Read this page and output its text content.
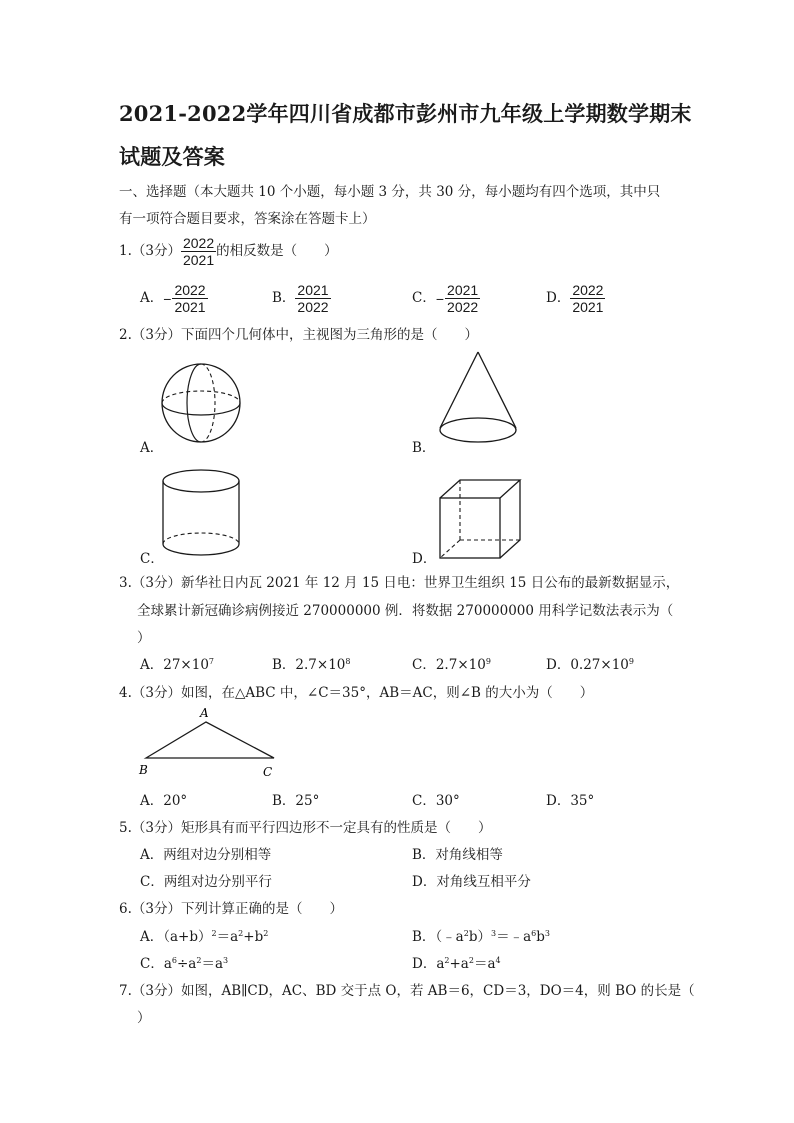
2021-2022学年四川省成都市彭州市九年级上学期数学期末
试题及答案
一、选择题（本大题共 10 个小题，每小题 3 分，共 30 分，每小题均有四个选项，其中只
有一项符合题目要求，答案涂在答题卡上）
1.（3分） $\frac{2022}{2021}$ 的相反数是（　　）
A．− $\frac{2022}{2021}$	B． $\frac{2021}{2022}$	C．− $\frac{2021}{2022}$	D． $\frac{2022}{2021}$
2.（3分）下面四个几何体中，主视图为三角形的是（　　）
A．	B．
C．	D．
3.（3分）新华社日内瓦 2021 年 12 月 15 日电：世界卫生组织 15 日公布的最新数据显示，
全球累计新冠确诊病例接近 270000000 例．将数据 270000000 用科学记数法表示为（
）
A．$27\times 10^7$	B．$2.7\times 10^8$	C．$2.7\times 10^9$	D．$0.27\times 10^9$
4.（3分）如图，在△ABC 中，∠C＝35°，AB＝AC，则∠B 的大小为（　　）
A
B	C
A．20°	B．25°	C．30°	D．35°
5.（3分）矩形具有而平行四边形不一定具有的性质是（　　）
A．两组对边分别相等	B．对角线相等
C．两组对边分别平行	D．对角线互相平分
6.（3分）下列计算正确的是（　　）
A．$(a+b)^2=a^2+b^2$	B．$(﹣a^2b)^3=﹣a^6b^3$
C．$a^6\div a^2=a^3$	D．$a^2+a^2=a^4$
7.（3分）如图，AB∥CD，AC、BD 交于点 O，若 AB＝6，CD＝3，DO＝4，则 BO 的长是（
）
